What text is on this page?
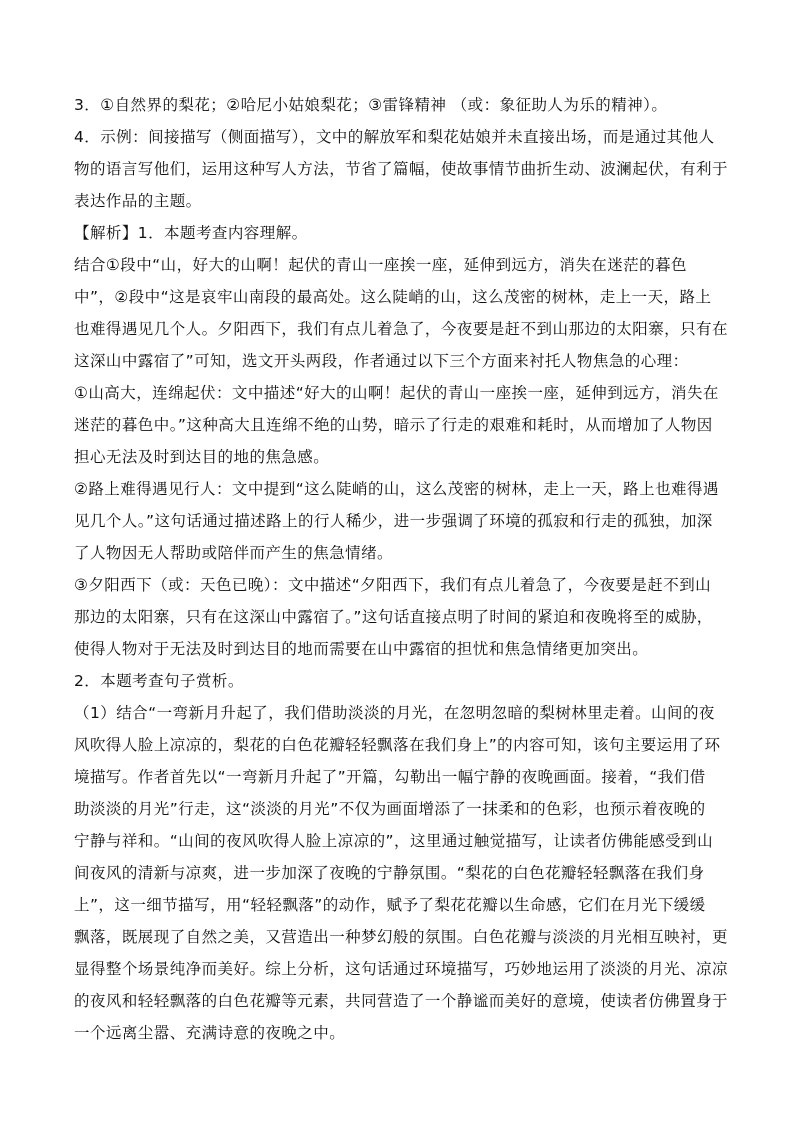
3．①自然界的梨花；②哈尼小姑娘梨花；③雷锋精神 （或：象征助人为乐的精神）。
4．示例：间接描写（侧面描写），文中的解放军和梨花姑娘并未直接出场，而是通过其他人
物的语言写他们，运用这种写人方法，节省了篇幅，使故事情节曲折生动、波澜起伏，有利于
表达作品的主题。
【解析】1．本题考查内容理解。
结合①段中“山，好大的山啊！起伏的青山一座挨一座，延伸到远方，消失在迷茫的暮色
中”，②段中“这是哀牢山南段的最高处。这么陡峭的山，这么茂密的树林，走上一天，路上
也难得遇见几个人。夕阳西下，我们有点儿着急了，今夜要是赶不到山那边的太阳寨，只有在
这深山中露宿了”可知，选文开头两段，作者通过以下三个方面来衬托人物焦急的心理：
①山高大，连绵起伏：文中描述“好大的山啊！起伏的青山一座挨一座，延伸到远方，消失在
迷茫的暮色中。”这种高大且连绵不绝的山势，暗示了行走的艰难和耗时，从而增加了人物因
担心无法及时到达目的地的焦急感。
②路上难得遇见行人：文中提到“这么陡峭的山，这么茂密的树林，走上一天，路上也难得遇
见几个人。”这句话通过描述路上的行人稀少，进一步强调了环境的孤寂和行走的孤独，加深
了人物因无人帮助或陪伴而产生的焦急情绪。
③夕阳西下（或：天色已晚）：文中描述“夕阳西下，我们有点儿着急了，今夜要是赶不到山
那边的太阳寨，只有在这深山中露宿了。”这句话直接点明了时间的紧迫和夜晚将至的威胁，
使得人物对于无法及时到达目的地而需要在山中露宿的担忧和焦急情绪更加突出。
2．本题考查句子赏析。
（1）结合“一弯新月升起了，我们借助淡淡的月光，在忽明忽暗的梨树林里走着。山间的夜
风吹得人脸上凉凉的，梨花的白色花瓣轻轻飘落在我们身上”的内容可知，该句主要运用了环
境描写。作者首先以“一弯新月升起了”开篇，勾勒出一幅宁静的夜晚画面。接着，“我们借
助淡淡的月光”行走，这“淡淡的月光”不仅为画面增添了一抹柔和的色彩，也预示着夜晚的
宁静与祥和。“山间的夜风吹得人脸上凉凉的”，这里通过触觉描写，让读者仿佛能感受到山
间夜风的清新与凉爽，进一步加深了夜晚的宁静氛围。“梨花的白色花瓣轻轻飘落在我们身
上”，这一细节描写，用“轻轻飘落”的动作，赋予了梨花花瓣以生命感，它们在月光下缓缓
飘落，既展现了自然之美，又营造出一种梦幻般的氛围。白色花瓣与淡淡的月光相互映衬，更
显得整个场景纯净而美好。综上分析，这句话通过环境描写，巧妙地运用了淡淡的月光、凉凉
的夜风和轻轻飘落的白色花瓣等元素，共同营造了一个静谧而美好的意境，使读者仿佛置身于
一个远离尘嚣、充满诗意的夜晚之中。
